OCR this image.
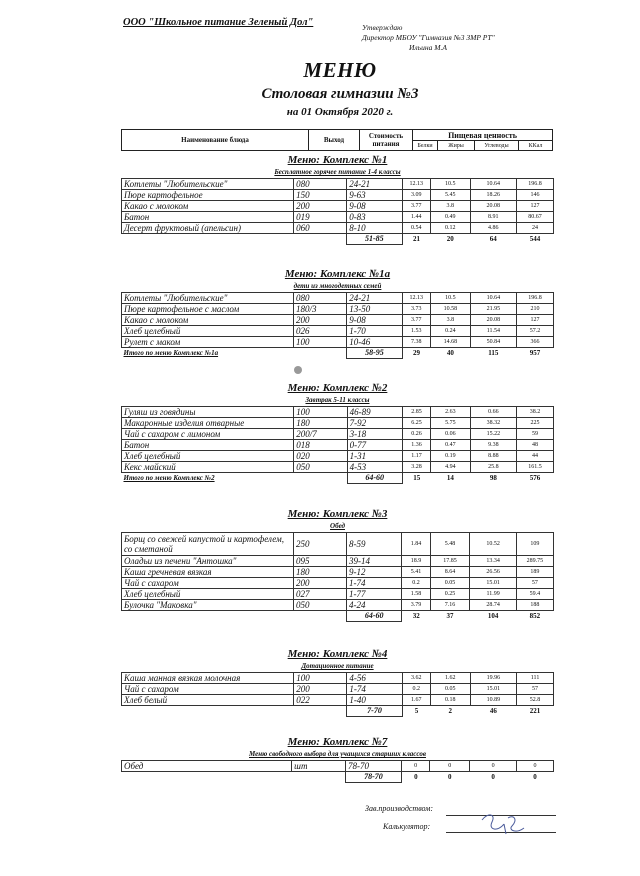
ООО "Школьное питание Зеленый Дол"	Утверждаю
Директор МБОУ "Гимназия №3 ЗМР РТ"
Ильина М.А
МЕНЮ
Столовая гимназии №3
на 01 Октября 2020 г.
Наименование блюда	Выход	Стоимость питания	Пищевая ценность			
			Белки	Жиры	Углеводы	ККал
Меню: Комплекс №1
Бесплатное горячее питание 1-4 классы
Котлеты "Любительские"	080	24-21	12.13	10.5	10.64	196.8
Пюре картофельное	150	9-63	3.09	5.45	18.26	146
Какао с молоком	200	9-08	3.77	3.8	20.08	127
Батон	019	0-83	1.44	0.49	8.91	80.67
Десерт фруктовый (апельсин)	060	8-10	0.54	0.12	4.86	24
		51-85	21	20	64	544
Меню: Комплекс №1а
дети из многодетных семей
Котлеты "Любительские"	080	24-21	12.13	10.5	10.64	196.8
Пюре картофельное с маслом	180/3	13-50	3.73	10.58	21.95	210
Какао с молоком	200	9-08	3.77	3.8	20.08	127
Хлеб целебный	026	1-70	1.53	0.24	11.54	57.2
Рулет с маком	100	10-46	7.38	14.68	50.84	366
Итого по меню Комплекс №1а		58-95	29	40	115	957
Меню: Комплекс №2
Завтрак 5-11 классы
Гуляш из говядины	100	46-89	2.85	2.63	0.66	38.2
Макаронные изделия отварные	180	7-92	6.25	5.75	38.32	225
Чай с сахаром с лимоном	200/7	3-18	0.26	0.06	15.22	59
Батон	018	0-77	1.36	0.47	9.38	48
Хлеб целебный	020	1-31	1.17	0.19	8.88	44
Кекс майский	050	4-53	3.28	4.94	25.8	161.5
Итого по меню Комплекс №2		64-60	15	14	98	576
Меню: Комплекс №3
Обед
Борщ со свежей капустой и картофелем, со сметаной	250	8-59	1.84	5.48	10.52	109
Оладьи из печени "Антошка"	095	39-14	18.9	17.85	13.34	289.75
Каша гречневая вязкая	180	9-12	5.41	8.64	26.56	189
Чай с сахаром	200	1-74	0.2	0.05	15.01	57
Хлеб целебный	027	1-77	1.58	0.25	11.99	59.4
Булочка "Маковка"	050	4-24	3.79	7.16	28.74	188
		64-60	32	37	104	852
Меню: Комплекс №4
Дотационное питание
Каша манная вязкая молочная	100	4-56	3.62	1.62	19.96	111
Чай с сахаром	200	1-74	0.2	0.05	15.01	57
Хлеб белый	022	1-40	1.67	0.18	10.89	52.8
		7-70	5	2	46	221
Меню: Комплекс №7
Меню свободного выбора для учащихся старших классов
Обед	шт	78-70	0	0	0	0
		78-70	0	0	0	0
Зав.производством:
Калькулятор:
